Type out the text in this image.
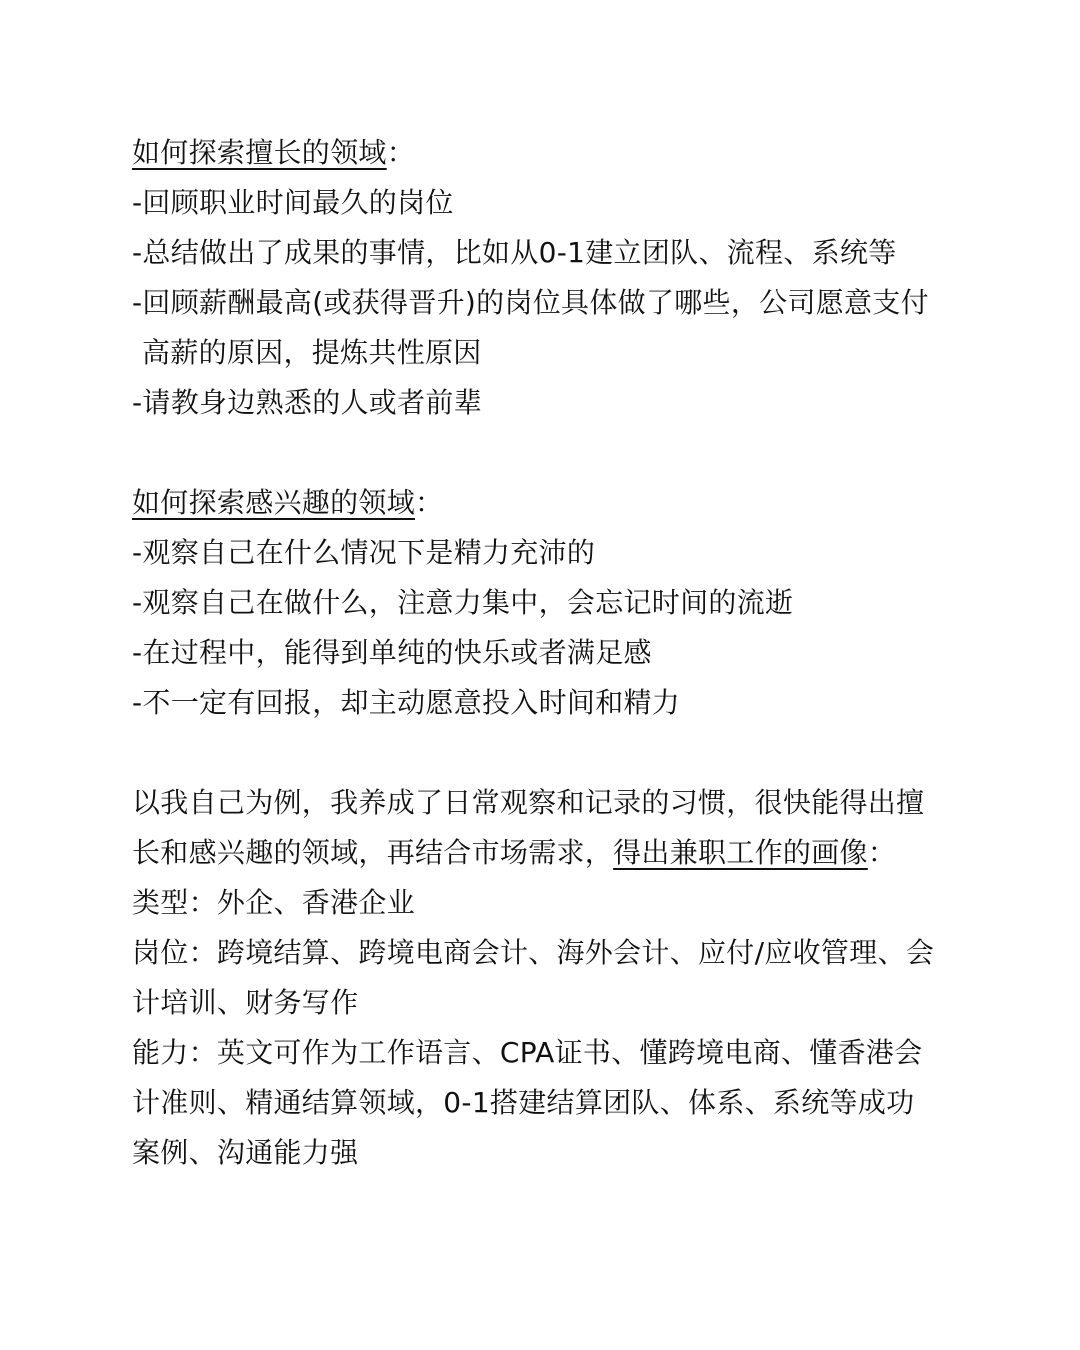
如何探索擅长的领域：
-回顾职业时间最久的岗位
-总结做出了成果的事情，比如从0-1建立团队、流程、系统等
-回顾薪酬最高(或获得晋升)的岗位具体做了哪些，公司愿意支付
高薪的原因，提炼共性原因
-请教身边熟悉的人或者前辈
如何探索感兴趣的领域：
-观察自己在什么情况下是精力充沛的
-观察自己在做什么，注意力集中，会忘记时间的流逝
-在过程中，能得到单纯的快乐或者满足感
-不一定有回报，却主动愿意投入时间和精力
以我自己为例，我养成了日常观察和记录的习惯，很快能得出擅
长和感兴趣的领域，再结合市场需求，得出兼职工作的画像：
类型：外企、香港企业
岗位：跨境结算、跨境电商会计、海外会计、应付/应收管理、会
计培训、财务写作
能力：英文可作为工作语言、CPA证书、懂跨境电商、懂香港会
计准则、精通结算领域，0-1搭建结算团队、体系、系统等成功
案例、沟通能力强
